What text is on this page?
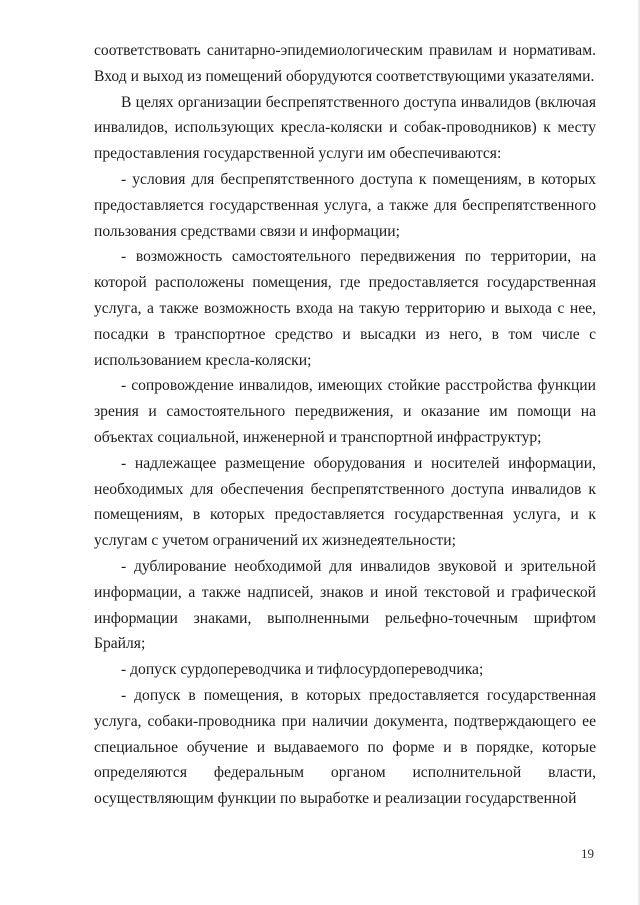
соответствовать санитарно-эпидемиологическим правилам и нормативам. Вход и выход из помещений оборудуются соответствующими указателями.

В целях организации беспрепятственного доступа инвалидов (включая инвалидов, использующих кресла-коляски и собак-проводников) к месту предоставления государственной услуги им обеспечиваются:

- условия для беспрепятственного доступа к помещениям, в которых предоставляется государственная услуга, а также для беспрепятственного пользования средствами связи и информации;

- возможность самостоятельного передвижения по территории, на которой расположены помещения, где предоставляется государственная услуга, а также возможность входа на такую территорию и выхода с нее, посадки в транспортное средство и высадки из него, в том числе с использованием кресла-коляски;

- сопровождение инвалидов, имеющих стойкие расстройства функции зрения и самостоятельного передвижения, и оказание им помощи на объектах социальной, инженерной и транспортной инфраструктур;

- надлежащее размещение оборудования и носителей информации, необходимых для обеспечения беспрепятственного доступа инвалидов к помещениям, в которых предоставляется государственная услуга, и к услугам с учетом ограничений их жизнедеятельности;

- дублирование необходимой для инвалидов звуковой и зрительной информации, а также надписей, знаков и иной текстовой и графической информации знаками, выполненными рельефно-точечным шрифтом Брайля;

- допуск сурдопереводчика и тифлосурдопереводчика;

- допуск в помещения, в которых предоставляется государственная услуга, собаки-проводника при наличии документа, подтверждающего ее специальное обучение и выдаваемого по форме и в порядке, которые определяются федеральным органом исполнительной власти, осуществляющим функции по выработке и реализации государственной

19
